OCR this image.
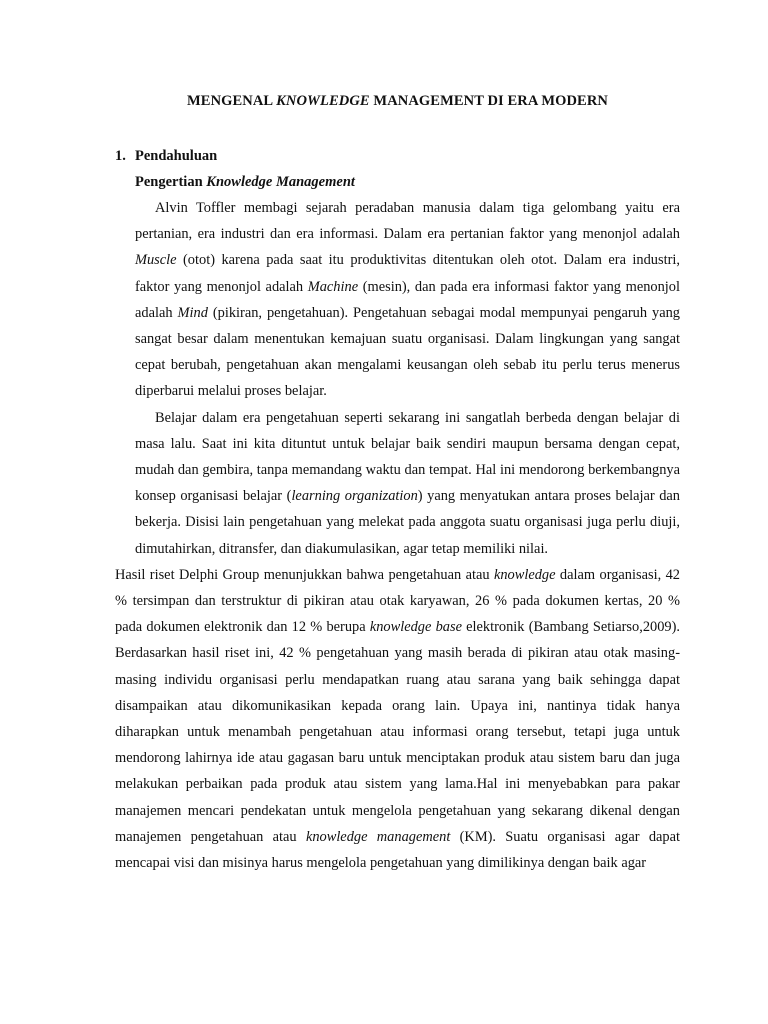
MENGENAL KNOWLEDGE MANAGEMENT DI ERA MODERN
1. Pendahuluan
Pengertian Knowledge Management

Alvin Toffler membagi sejarah peradaban manusia dalam tiga gelombang yaitu era pertanian, era industri dan era informasi. Dalam era pertanian faktor yang menonjol adalah Muscle (otot) karena pada saat itu produktivitas ditentukan oleh otot. Dalam era industri, faktor yang menonjol adalah Machine (mesin), dan pada era informasi faktor yang menonjol adalah Mind (pikiran, pengetahuan). Pengetahuan sebagai modal mempunyai pengaruh yang sangat besar dalam menentukan kemajuan suatu organisasi. Dalam lingkungan yang sangat cepat berubah, pengetahuan akan mengalami keusangan oleh sebab itu perlu terus menerus diperbarui melalui proses belajar.

Belajar dalam era pengetahuan seperti sekarang ini sangatlah berbeda dengan belajar di masa lalu. Saat ini kita dituntut untuk belajar baik sendiri maupun bersama dengan cepat, mudah dan gembira, tanpa memandang waktu dan tempat. Hal ini mendorong berkembangnya konsep organisasi belajar (learning organization) yang menyatukan antara proses belajar dan bekerja. Disisi lain pengetahuan yang melekat pada anggota suatu organisasi juga perlu diuji, dimutahirkan, ditransfer, dan diakumulasikan, agar tetap memiliki nilai.

Hasil riset Delphi Group menunjukkan bahwa pengetahuan atau knowledge dalam organisasi, 42 % tersimpan dan terstruktur di pikiran atau otak karyawan, 26 % pada dokumen kertas, 20 % pada dokumen elektronik dan 12 % berupa knowledge base elektronik (Bambang Setiarso,2009). Berdasarkan hasil riset ini, 42 % pengetahuan yang masih berada di pikiran atau otak masing-masing individu organisasi perlu mendapatkan ruang atau sarana yang baik sehingga dapat disampaikan atau dikomunikasikan kepada orang lain. Upaya ini, nantinya tidak hanya diharapkan untuk menambah pengetahuan atau informasi orang tersebut, tetapi juga untuk mendorong lahirnya ide atau gagasan baru untuk menciptakan produk atau sistem baru dan juga melakukan perbaikan pada produk atau sistem yang lama.Hal ini menyebabkan para pakar manajemen mencari pendekatan untuk mengelola pengetahuan yang sekarang dikenal dengan manajemen pengetahuan atau knowledge management (KM). Suatu organisasi agar dapat mencapai visi dan misinya harus mengelola pengetahuan yang dimilikinya dengan baik agar
